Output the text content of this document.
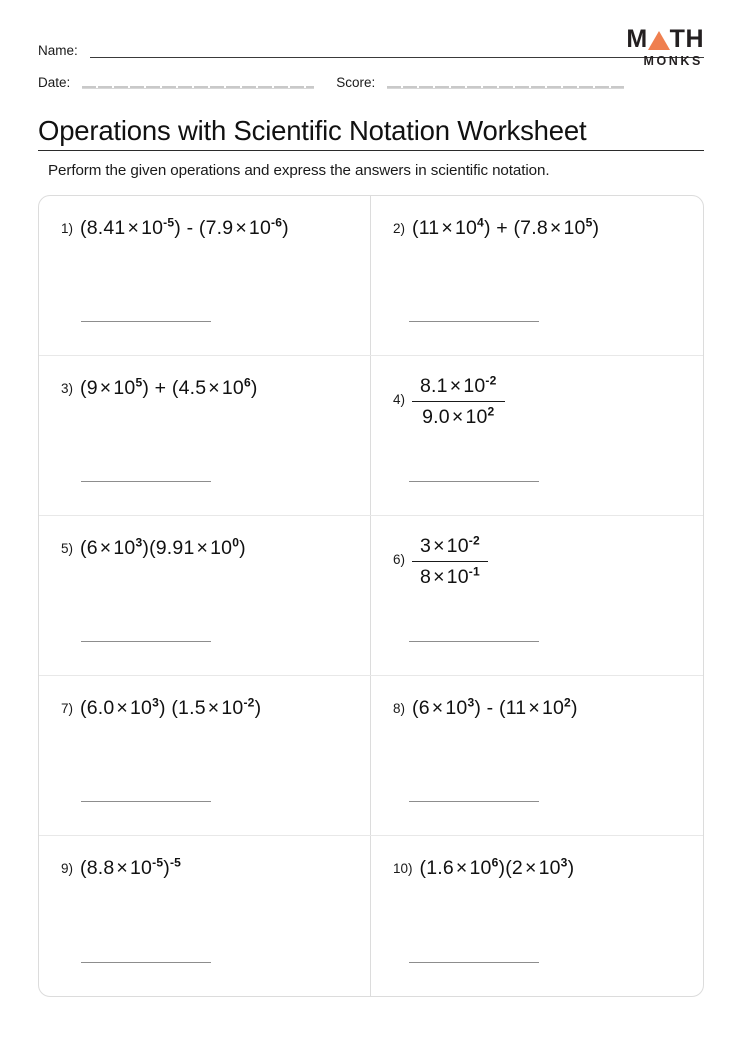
M TH
MONKS
Name:
Date:	Score:
Operations with Scientific Notation Worksheet
Perform the given operations and express the answers in scientific notation.
1) $(8.41 \times 10^{-5}) - (7.9 \times 10^{-6})$	2) $(11 \times 10^4) + (7.8 \times 10^5)$
3) $(9 \times 10^5) + (4.5 \times 10^6)$
$4) \frac{8.1 \times 10^{-2}}{9.0 \times 10^2}$
5) $(6 \times 10^3)(9.91 \times 10^0)$
$6) \frac{3 \times 10^{-2}}{8 \times 10^{-1}}$
7) $(6.0 \times 10^3)$ $(1.5 \times 10^{-2})$	8) $(6 \times 10^3) - (11 \times 10^2)$
9) $(8.8 \times 10^{-5})^{-5}$	10) $(1.6 \times 10^6)(2 \times 10^3)$
